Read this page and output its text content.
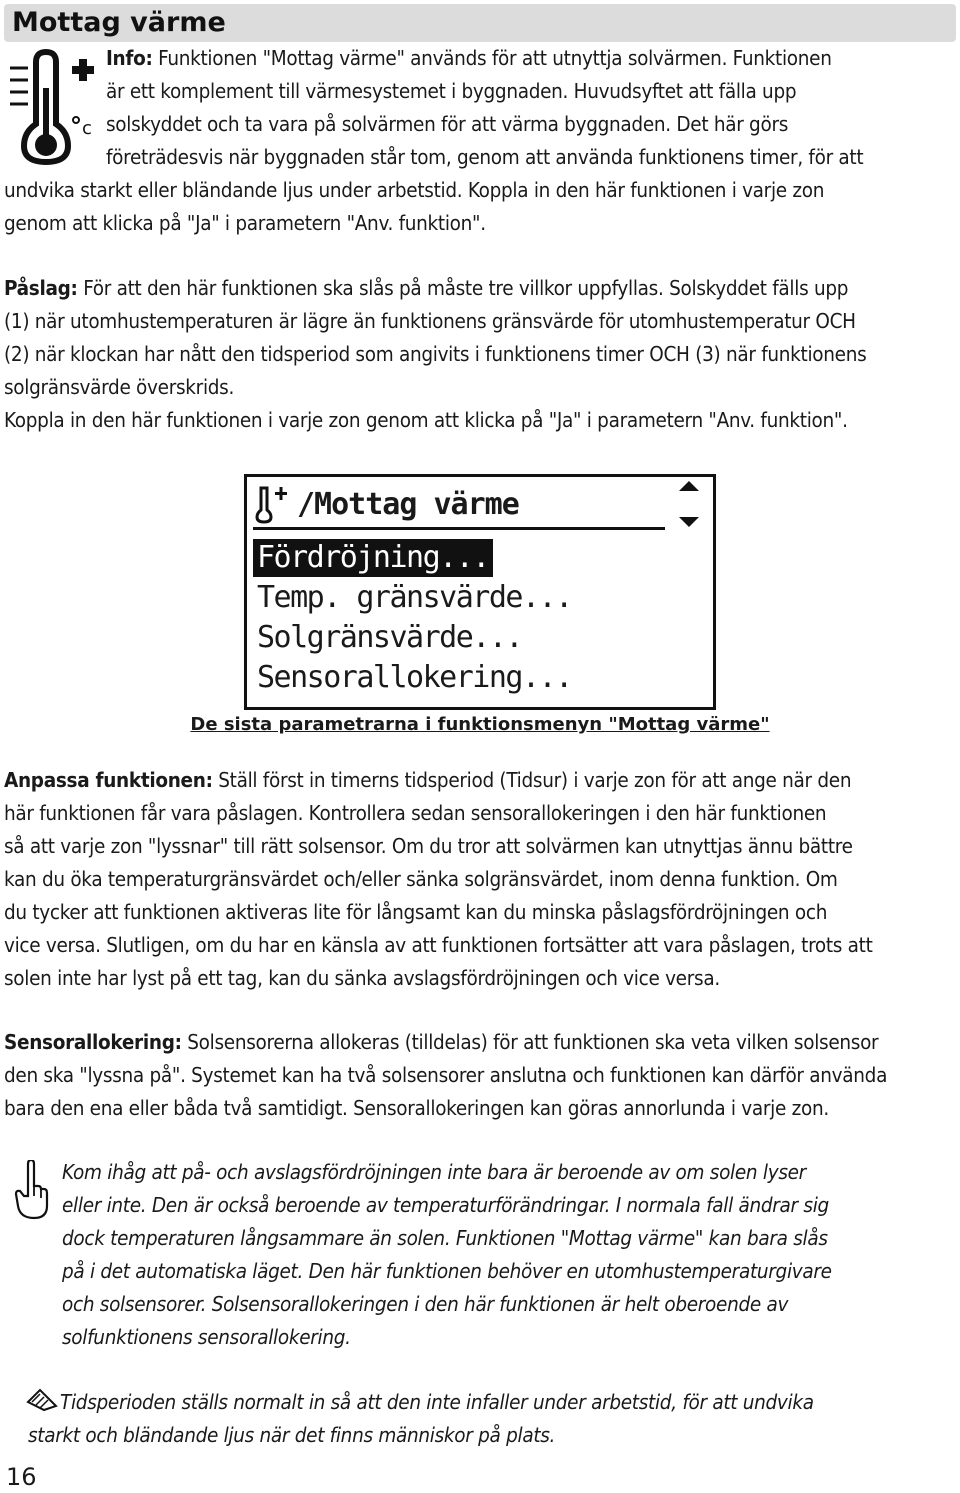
Mottag värme
c
Info: Funktionen "Mottag värme" används för att utnyttja solvärmen. Funktionen
är ett komplement till värmesystemet i byggnaden. Huvudsyftet att fälla upp
solskyddet och ta vara på solvärmen för att värma byggnaden. Det här görs
företrädesvis när byggnaden står tom, genom att använda funktionens timer, för att
undvika starkt eller bländande ljus under arbetstid. Koppla in den här funktionen i varje zon
genom att klicka på "Ja" i parametern "Anv. funktion".
Påslag: För att den här funktionen ska slås på måste tre villkor uppfyllas. Solskyddet fälls upp
(1) när utomhustemperaturen är lägre än funktionens gränsvärde för utomhustemperatur OCH
(2) när klockan har nått den tidsperiod som angivits i funktionens timer OCH (3) när funktionens
solgränsvärde överskrids.
Koppla in den här funktionen i varje zon genom att klicka på "Ja" i parametern "Anv. funktion".
/Mottag värme
Fördröjning...
Temp. gränsvärde...
Solgränsvärde...
Sensorallokering...
De sista parametrarna i funktionsmenyn "Mottag värme"
Anpassa funktionen: Ställ först in timerns tidsperiod (Tidsur) i varje zon för att ange när den
här funktionen får vara påslagen. Kontrollera sedan sensorallokeringen i den här funktionen
så att varje zon "lyssnar" till rätt solsensor. Om du tror att solvärmen kan utnyttjas ännu bättre
kan du öka temperaturgränsvärdet och/eller sänka solgränsvärdet, inom denna funktion. Om
du tycker att funktionen aktiveras lite för långsamt kan du minska påslagsfördröjningen och
vice versa. Slutligen, om du har en känsla av att funktionen fortsätter att vara påslagen, trots att
solen inte har lyst på ett tag, kan du sänka avslagsfördröjningen och vice versa.
Sensorallokering: Solsensorerna allokeras (tilldelas) för att funktionen ska veta vilken solsensor
den ska "lyssna på". Systemet kan ha två solsensorer anslutna och funktionen kan därför använda
bara den ena eller båda två samtidigt. Sensorallokeringen kan göras annorlunda i varje zon.
Kom ihåg att på- och avslagsfördröjningen inte bara är beroende av om solen lyser
eller inte. Den är också beroende av temperaturförändringar. I normala fall ändrar sig
dock temperaturen långsammare än solen. Funktionen "Mottag värme" kan bara slås
på i det automatiska läget. Den här funktionen behöver en utomhustemperaturgivare
och solsensorer. Solsensorallokeringen i den här funktionen är helt oberoende av
solfunktionens sensorallokering.
Tidsperioden ställs normalt in så att den inte infaller under arbetstid, för att undvika
starkt och bländande ljus när det finns människor på plats.
16
